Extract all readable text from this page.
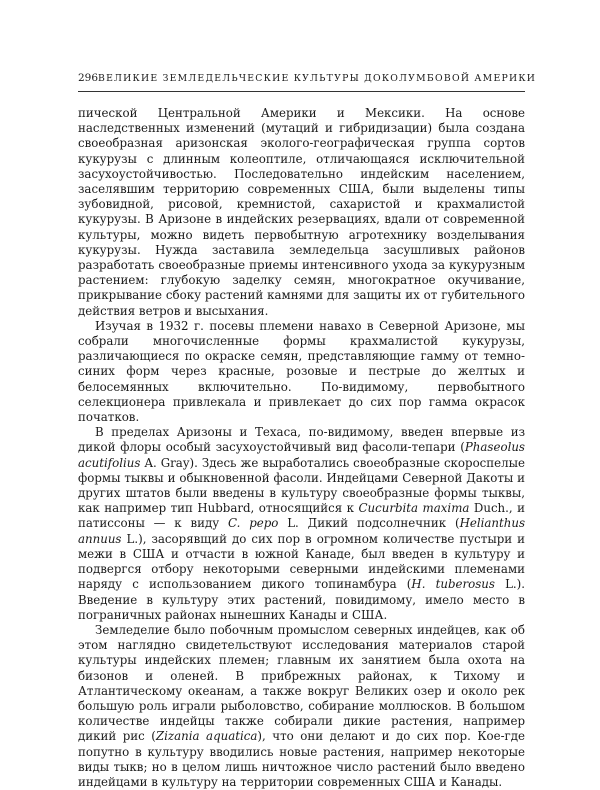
296 ВЕЛИКИЕ ЗЕМЛЕДЕЛЬЧЕСКИЕ КУЛЬТУРЫ ДОКОЛУМБОВОЙ АМЕРИКИ

пической Центральной Америки и Мексики. На основе наследственных изменений (мутаций и гибридизации) была создана своеобразная аризонская эколого-географическая группа сортов кукурузы с длинным колеоптиле, отличающаяся исключительной засухоустойчивостью. Последовательно индейским населением, заселявшим территорию современных США, были выделены типы зубовидной, рисовой, кремнистой, сахаристой и крахмалистой кукурузы. В Аризоне в индейских резервациях, вдали от современной культуры, можно видеть первобытную агротехнику возделывания кукурузы. Нужда заставила земледельца засушливых районов разработать своеобразные приемы интенсивного ухода за кукурузным растением: глубокую заделку семян, многократное окучивание, прикрывание сбоку растений камнями для защиты их от губительного действия ветров и высыхания.

Изучая в 1932 г. посевы племени навахо в Северной Аризоне, мы собрали многочисленные формы крахмалистой кукурузы, различающиеся по окраске семян, представляющие гамму от темно-синих форм через красные, розовые и пестрые до желтых и белосемянных включительно. По-видимому, первобытного селекционера привлекала и привлекает до сих пор гамма окрасок початков.

В пределах Аризоны и Техаса, по-видимому, введен впервые из дикой флоры особый засухоустойчивый вид фасоли-тепари (Phaseolus acutifolius A. Gray). Здесь же выработались своеобразные скороспелые формы тыквы и обыкновенной фасоли. Индейцами Северной Дакоты и других штатов были введены в культуру своеобразные формы тыквы, как например тип Hubbard, относящийся к Cucurbita maxima Duch., и патиссоны — к виду C. pepo L. Дикий подсолнечник (Helianthus annuus L.), засорявщий до сих пор в огромном количестве пустыри и межи в США и отчасти в южной Канаде, был введен в культуру и подвергся отбору некоторыми северными индейскими племенами наряду с использованием дикого топинамбура (H. tuberosus L.). Введение в культуру этих растений, повидимому, имело место в пограничных районах нынешних Канады и США.

Земледелие было побочным промыслом северных индейцев, как об этом наглядно свидетельствуют исследования материалов старой культуры индейских племен; главным их занятием была охота на бизонов и оленей. В прибрежных районах, к Тихому и Атлантическому океанам, а также вокруг Великих озер и около рек большую роль играли рыболовство, собирание моллюсков. В большом количестве индейцы также собирали дикие растения, например дикий рис (Zizania aquatica), что они делают и до сих пор. Кое-где попутно в культуру вводились новые растения, например некоторые виды тыкв; но в целом лишь ничтожное число растений было введено индейцами в культуру на территории современных США и Канады.
